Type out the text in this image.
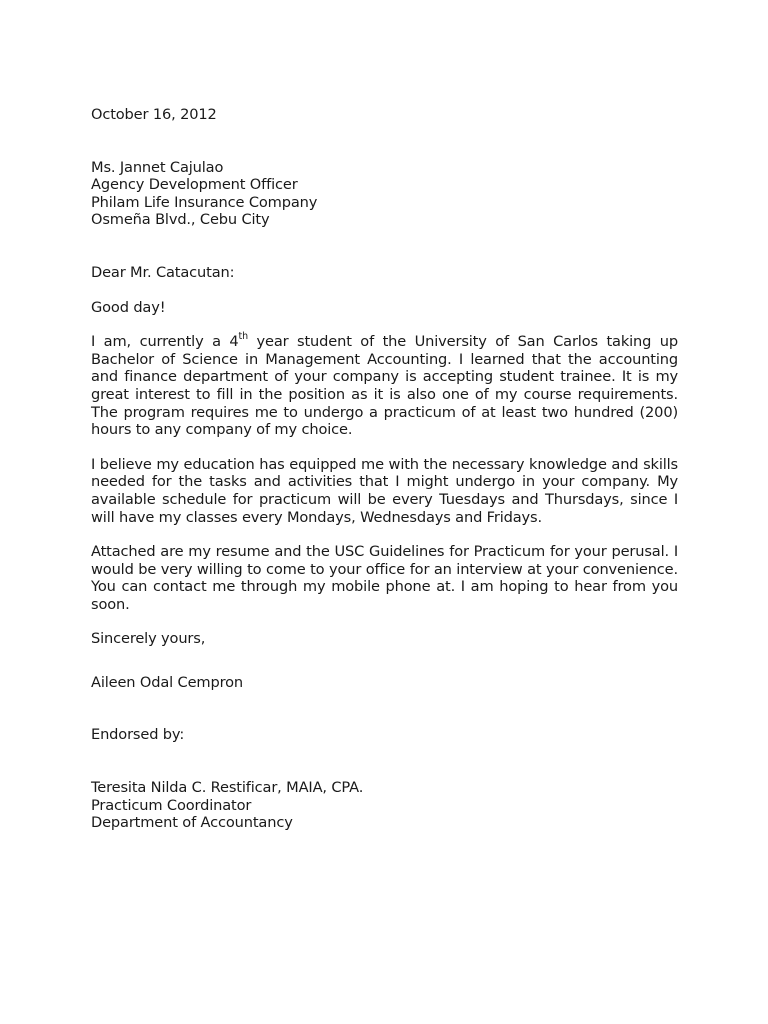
October 16, 2012
Ms. Jannet Cajulao
Agency Development Officer
Philam Life Insurance Company
Osmeña Blvd., Cebu City
Dear Mr. Catacutan:
Good day!

I am, currently a 4th year student of the University of San Carlos taking up Bachelor of Science in Management Accounting. I learned that the accounting and finance department of your company is accepting student trainee. It is my great interest to fill in the position as it is also one of my course requirements. The program requires me to undergo a practicum of at least two hundred (200) hours to any company of my choice.

I believe my education has equipped me with the necessary knowledge and skills needed for the tasks and activities that I might undergo in your company. My available schedule for practicum will be every Tuesdays and Thursdays, since I will have my classes every Mondays, Wednesdays and Fridays.

Attached are my resume and the USC Guidelines for Practicum for your perusal. I would be very willing to come to your office for an interview at your convenience. You can contact me through my mobile phone at. I am hoping to hear from you soon.

Sincerely yours,
Aileen Odal Cempron
Endorsed by:
Teresita Nilda C. Restificar, MAIA, CPA.
Practicum Coordinator
Department of Accountancy
